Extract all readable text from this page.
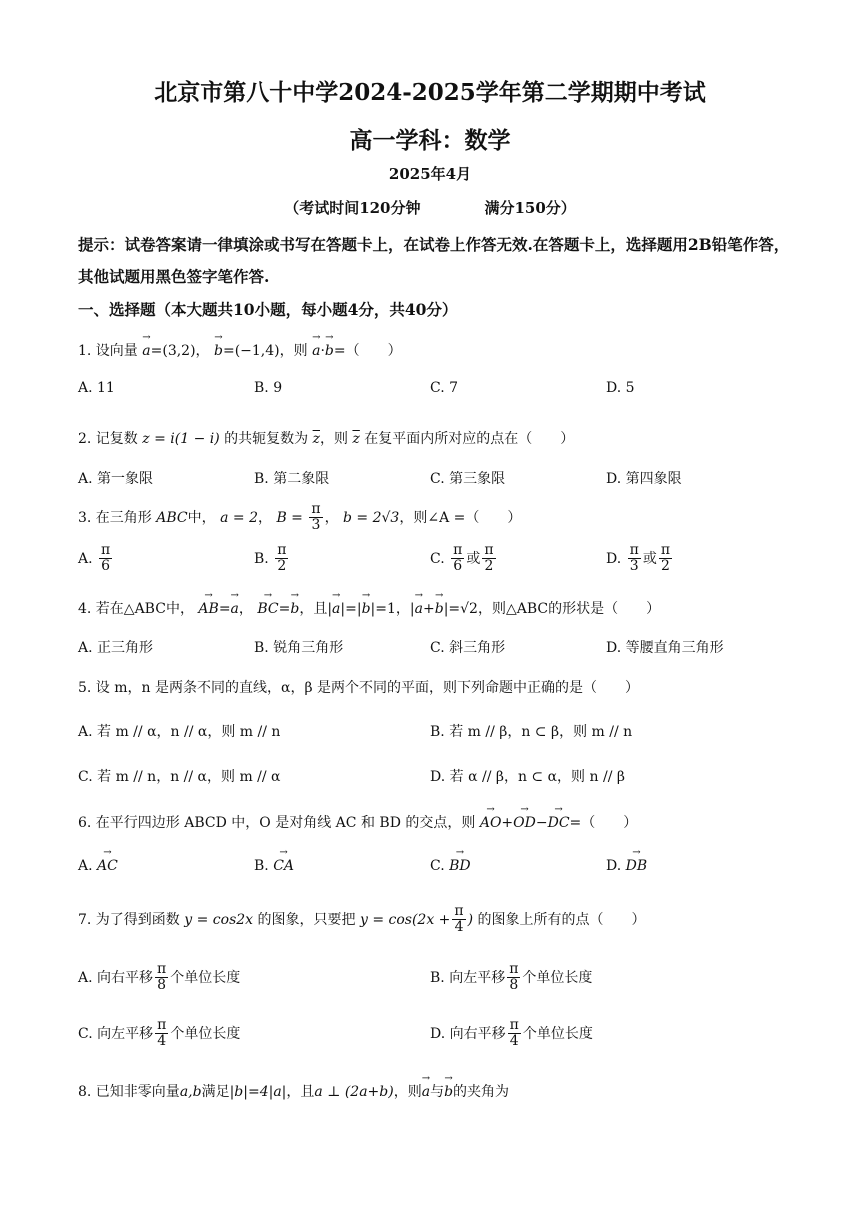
北京市第八十中学2024-2025学年第二学期期中考试
高一学科：数学
2025年4月
（考试时间120分钟	满分150分）
提示：试卷答案请一律填涂或书写在答题卡上，在试卷上作答无效.在答题卡上，选择题用2B铅笔作答，其他试题用黑色签字笔作答.
一、选择题（本大题共10小题，每小题4分，共40分）
1. 设向量 → a=(3,2)， → b=(−1,4)，则 → a·→ b=（　　）
A. 11	B. 9	C. 7	D. 5
2. 记复数 z = i(1 − i) 的共轭复数为 $\overline{z}$，则 $\overline{z}$ 在复平面内所对应的点在（　　）
A. 第一象限	B. 第二象限	C. 第三象限	D. 第四象限
3. 在三角形 ABC中， a = 2， $B = \frac{\pi}{3}$ ， b = 2√3，则∠A =（　　）
A. $\frac{\pi}{6}$	B. $\frac{\pi}{2}$	C. $\frac{\pi}{6}$ 或 $\frac{\pi}{2}$	D. $\frac{\pi}{3}$ 或 $\frac{\pi}{2}$
4. 若在△ABC中， → AB=→ a， → BC=→ b，且|→ a|=|→ b|=1，|→ a+→ b|=√2，则△ABC的形状是（　　）
A. 正三角形	B. 锐角三角形	C. 斜三角形	D. 等腰直角三角形
5. 设 m，n 是两条不同的直线，α，β 是两个不同的平面，则下列命题中正确的是（　　）
A. 若 m // α，n // α，则 m // n	B. 若 m // β，n ⊂ β，则 m // n
C. 若 m // n，n // α，则 m // α	D. 若 α // β，n ⊂ α，则 n // β
6. 在平行四边形 ABCD 中，O 是对角线 AC 和 BD 的交点，则 → AO+→ OD−→ DC=（　　）
A. → AC	B. → CA	C. → BD	D. → DB
7. 为了得到函数 y = cos2x 的图象，只要把 $y = \cos(2x + \frac{\pi}{4}$ ) 的图象上所有的点（　　）
A. 向右平移 $\frac{\pi}{8}$ 个单位长度	B. 向左平移 $\frac{\pi}{8}$ 个单位长度
C. 向左平移 $\frac{\pi}{4}$ 个单位长度	D. 向右平移 $\frac{\pi}{4}$ 个单位长度
8. 已知非零向量a,b满足|b|=4|a|，且a ⊥ (2a+b)，则→ a与→ b的夹角为
